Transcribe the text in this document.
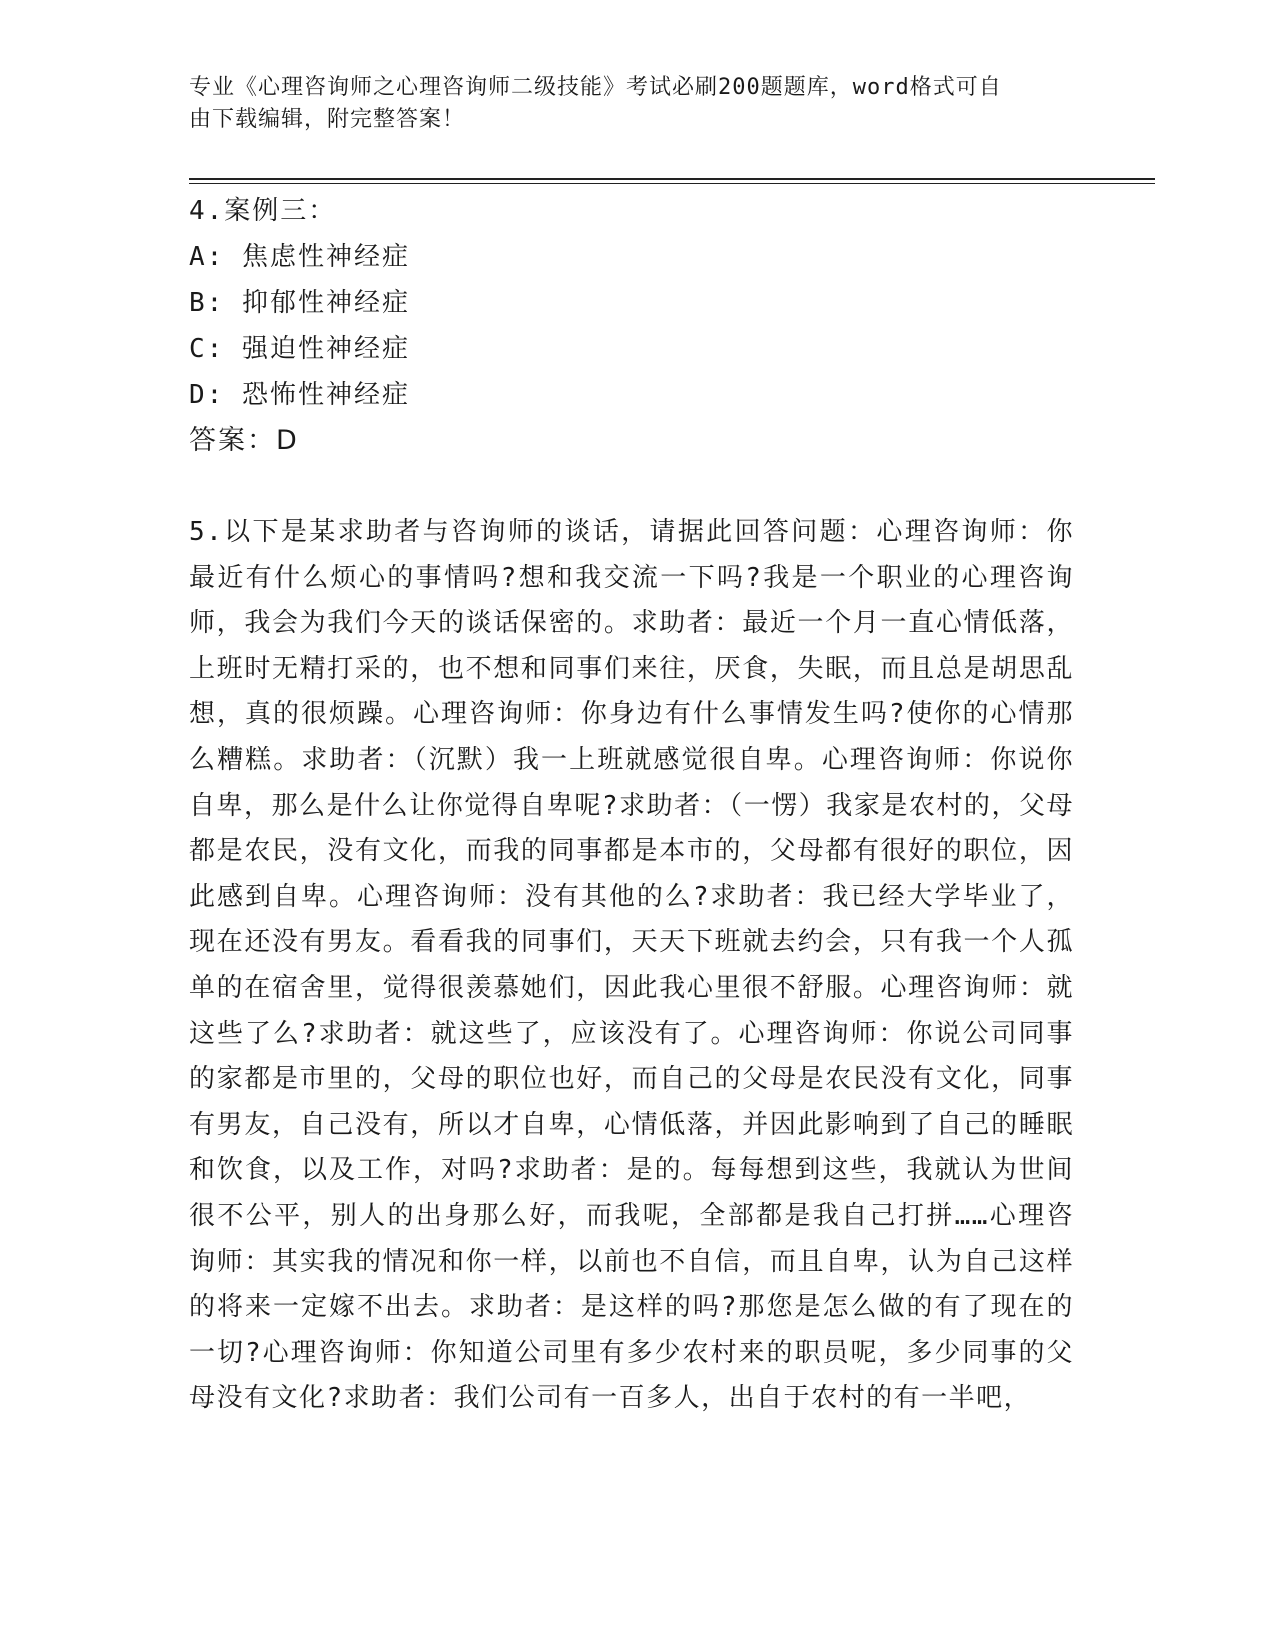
专业《心理咨询师之心理咨询师二级技能》考试必刷200题题库，word格式可自
由下载编辑，附完整答案！

4.案例三：

A: 焦虑性神经症

B: 抑郁性神经症

C: 强迫性神经症

D: 恐怖性神经症

答案：D

5.以下是某求助者与咨询师的谈话，请据此回答问题：心理咨询师：你最近有什么烦心的事情吗?想和我交流一下吗?我是一个职业的心理咨询师，我会为我们今天的谈话保密的。求助者：最近一个月一直心情低落，上班时无精打采的，也不想和同事们来往，厌食，失眠，而且总是胡思乱想，真的很烦躁。心理咨询师：你身边有什么事情发生吗?使你的心情那么糟糕。求助者：（沉默）我一上班就感觉很自卑。心理咨询师：你说你自卑，那么是什么让你觉得自卑呢?求助者：（一愣）我家是农村的，父母都是农民，没有文化，而我的同事都是本市的，父母都有很好的职位，因此感到自卑。心理咨询师：没有其他的么?求助者：我已经大学毕业了，现在还没有男友。看看我的同事们，天天下班就去约会，只有我一个人孤单的在宿舍里，觉得很羡慕她们，因此我心里很不舒服。心理咨询师：就这些了么?求助者：就这些了，应该没有了。心理咨询师：你说公司同事的家都是市里的，父母的职位也好，而自己的父母是农民没有文化，同事有男友，自己没有，所以才自卑，心情低落，并因此影响到了自己的睡眠和饮食，以及工作，对吗?求助者：是的。每每想到这些，我就认为世间很不公平，别人的出身那么好，而我呢，全部都是我自己打拼……心理咨询师：其实我的情况和你一样，以前也不自信，而且自卑，认为自己这样的将来一定嫁不出去。求助者：是这样的吗?那您是怎么做的有了现在的一切?心理咨询师：你知道公司里有多少农村来的职员呢，多少同事的父母没有文化?求助者：我们公司有一百多人，出自于农村的有一半吧，
